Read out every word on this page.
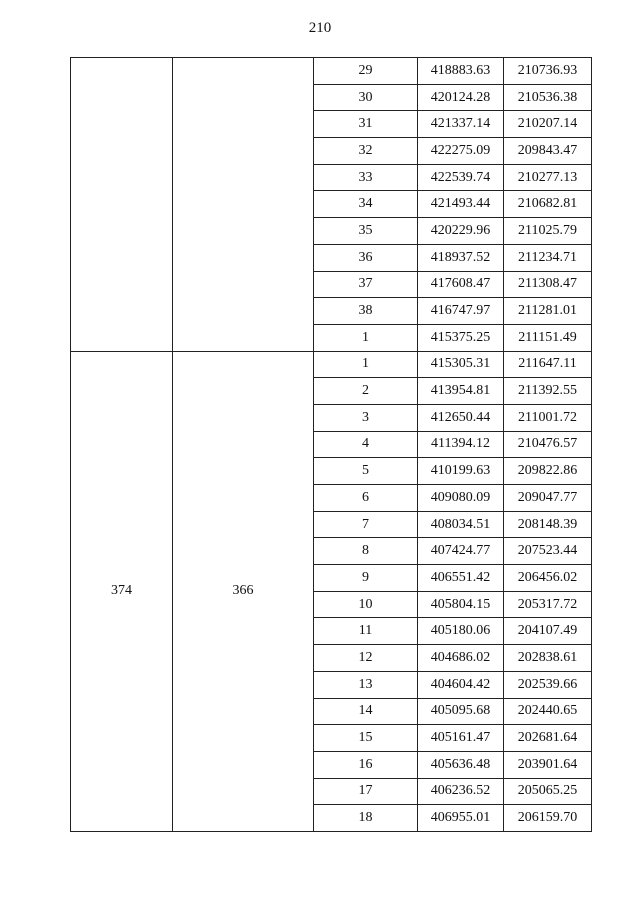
210
		29	418883.63	210736.93
		30	420124.28	210536.38
		31	421337.14	210207.14
		32	422275.09	209843.47
		33	422539.74	210277.13
		34	421493.44	210682.81
		35	420229.96	211025.79
		36	418937.52	211234.71
		37	417608.47	211308.47
		38	416747.97	211281.01
		1	415375.25	211151.49
374	366	1	415305.31	211647.11
		2	413954.81	211392.55
		3	412650.44	211001.72
		4	411394.12	210476.57
		5	410199.63	209822.86
		6	409080.09	209047.77
		7	408034.51	208148.39
		8	407424.77	207523.44
		9	406551.42	206456.02
		10	405804.15	205317.72
		11	405180.06	204107.49
		12	404686.02	202838.61
		13	404604.42	202539.66
		14	405095.68	202440.65
		15	405161.47	202681.64
		16	405636.48	203901.64
		17	406236.52	205065.25
		18	406955.01	206159.70
